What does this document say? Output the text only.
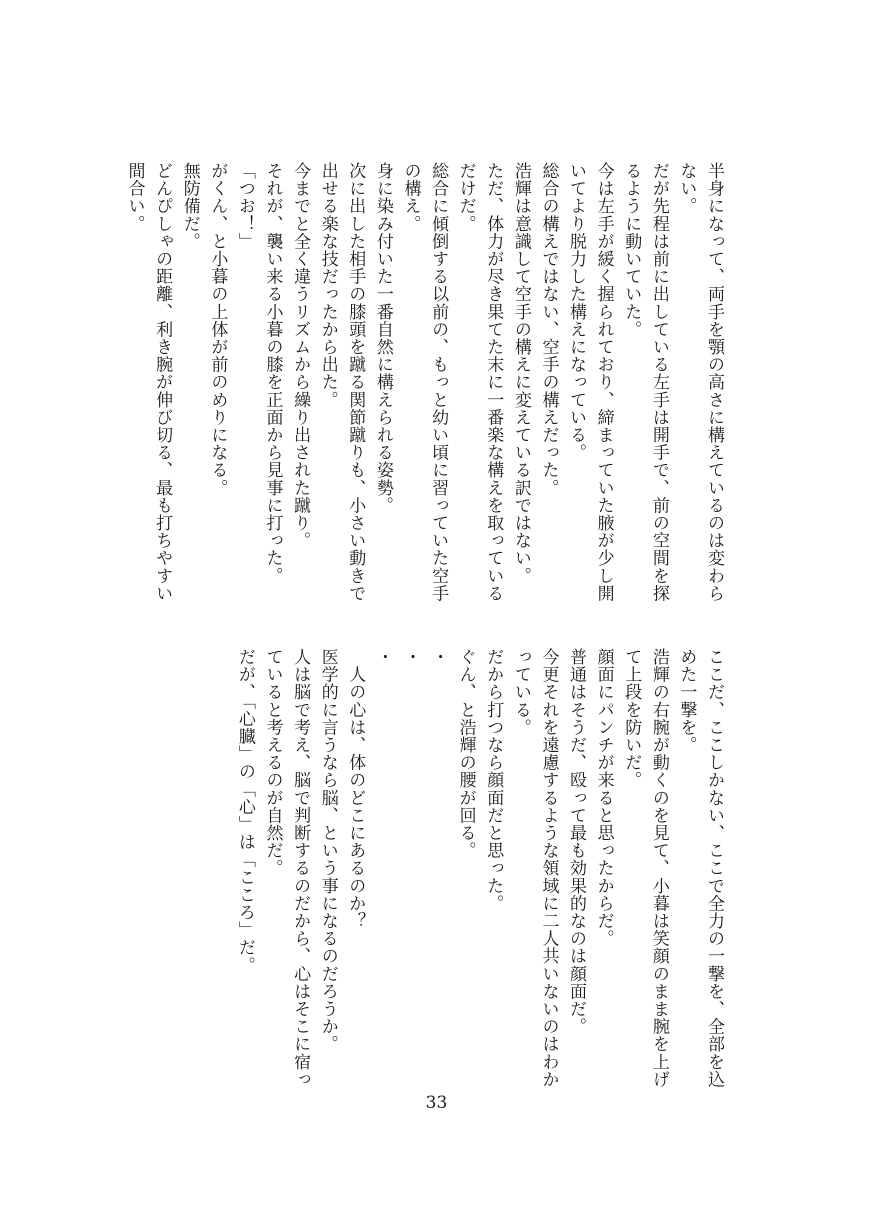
半身になって、両手を顎の高さに構えているのは変わら
ない。
だが先程は前に出している左手は開手で、前の空間を探
るように動いていた。
今は左手が緩く握られており、締まっていた腋が少し開
いてより脱力した構えになっている。
総合の構えではない、空手の構えだった。
浩輝は意識して空手の構えに変えている訳ではない。
ただ、体力が尽き果てた末に一番楽な構えを取っている
だけだ。
総合に傾倒する以前の、もっと幼い頃に習っていた空手
の構え。
身に染み付いた一番自然に構えられる姿勢。
次に出した相手の膝頭を蹴る関節蹴りも、小さい動きで
出せる楽な技だったから出た。
今までと全く違うリズムから繰り出された蹴り。
それが、襲い来る小暮の膝を正面から見事に打った。
「つお！」
がくん、と小暮の上体が前のめりになる。
無防備だ。
どんぴしゃの距離、利き腕が伸び切る、最も打ちやすい
間合い。
ここだ、ここしかない、ここで全力の一撃を、全部を込
めた一撃を。
浩輝の右腕が動くのを見て、小暮は笑顔のまま腕を上げ
て上段を防いだ。
顔面にパンチが来ると思ったからだ。
普通はそうだ、殴って最も効果的なのは顔面だ。
今更それを遠慮するような領域に二人共いないのはわか
っている。
だから打つなら顔面だと思った。
ぐん、と浩輝の腰が回る。
・
・
・
　人の心は、体のどこにあるのか？
医学的に言うなら脳、という事になるのだろうか。
人は脳で考え、脳で判断するのだから、心はそこに宿っ
ていると考えるのが自然だ。
だが、「心臓」の「心」は「こころ」だ。
33
